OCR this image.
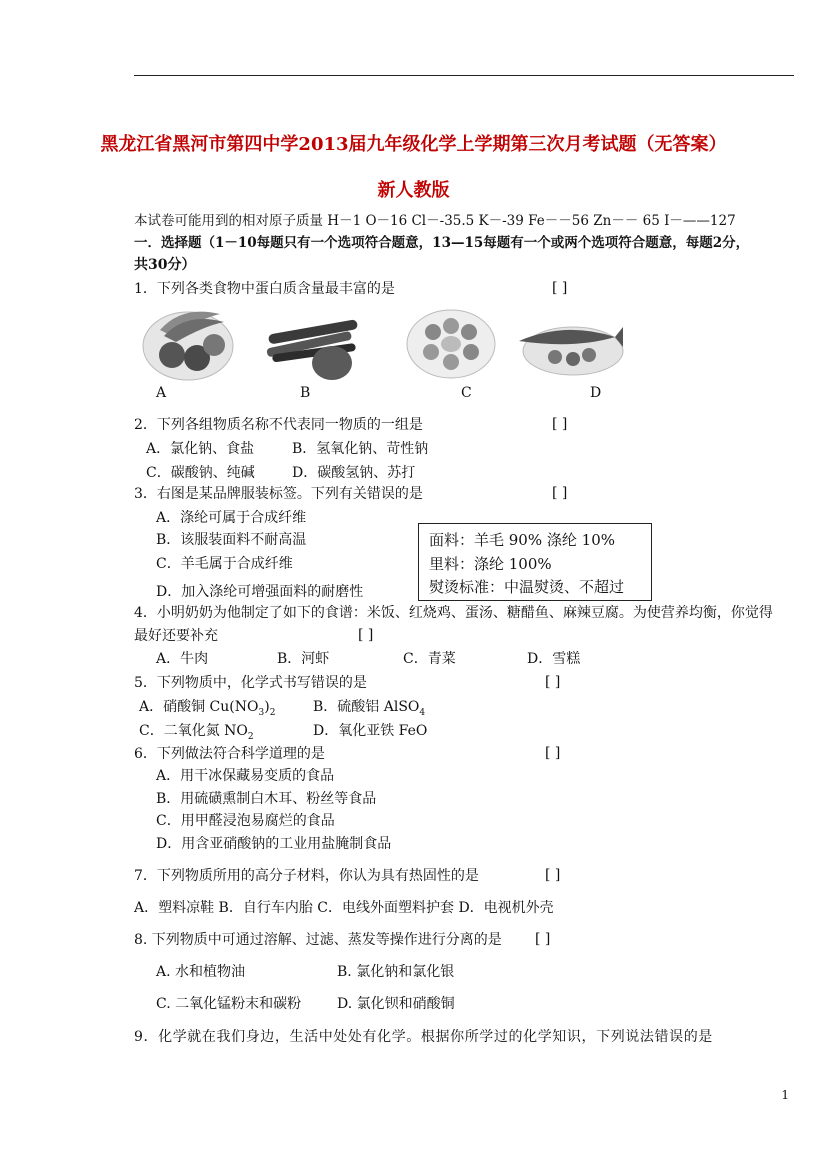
黑龙江省黑河市第四中学2013届九年级化学上学期第三次月考试题（无答案）
新人教版
本试卷可能用到的相对原子质量 H－1 O－16 Cl－-35.5 K－-39 Fe－－56 Zn－－ 65 I－——127
一．选择题（1－10每题只有一个选项符合题意，13—15每题有一个或两个选项符合题意，每题2分，
共30分）
1．下列各类食物中蛋白质含量最丰富的是	[ ]
A	B	C	D
2．下列各组物质名称不代表同一物质的一组是	[ ]
A．氯化钠、食盐	B．氢氧化钠、苛性钠
C．碳酸钠、纯碱	D．碳酸氢钠、苏打
3．右图是某品牌服装标签。下列有关错误的是	[ ]
A．涤纶可属于合成纤维
B．该服装面料不耐高温
C．羊毛属于合成纤维
D．加入涤纶可增强面料的耐磨性
面料：羊毛 90% 涤纶 10%
里料：涤纶 100%
熨烫标准：中温熨烫、不超过
4．小明奶奶为他制定了如下的食谱：米饭、红烧鸡、蛋汤、糖醋鱼、麻辣豆腐。为使营养均衡，你觉得
最好还要补充	[ ]
A．牛肉	B．河虾	C．青菜	D．雪糕
5．下列物质中，化学式书写错误的是	[ ]
A．硝酸铜 $Cu(NO_3)_2$	B．硫酸铝 AlSO$_4$
C．二氧化氮 $NO_2$	D．氧化亚铁 FeO
6．下列做法符合科学道理的是	[ ]
A．用干冰保藏易变质的食品
B．用硫磺熏制白木耳、粉丝等食品
C．用甲醛浸泡易腐烂的食品
D．用含亚硝酸钠的工业用盐腌制食品
7．下列物质所用的高分子材料，你认为具有热固性的是	[ ]
A．塑料凉鞋 B．自行车内胎 C．电线外面塑料护套 D．电视机外壳
8. 下列物质中可通过溶解、过滤、蒸发等操作进行分离的是 [ ]
A. 水和植物油	B. 氯化钠和氯化银
C. 二氧化锰粉末和碳粉	D. 氯化钡和硝酸铜
9．化学就在我们身边，生活中处处有化学。根据你所学过的化学知识，下列说法错误的是
1
